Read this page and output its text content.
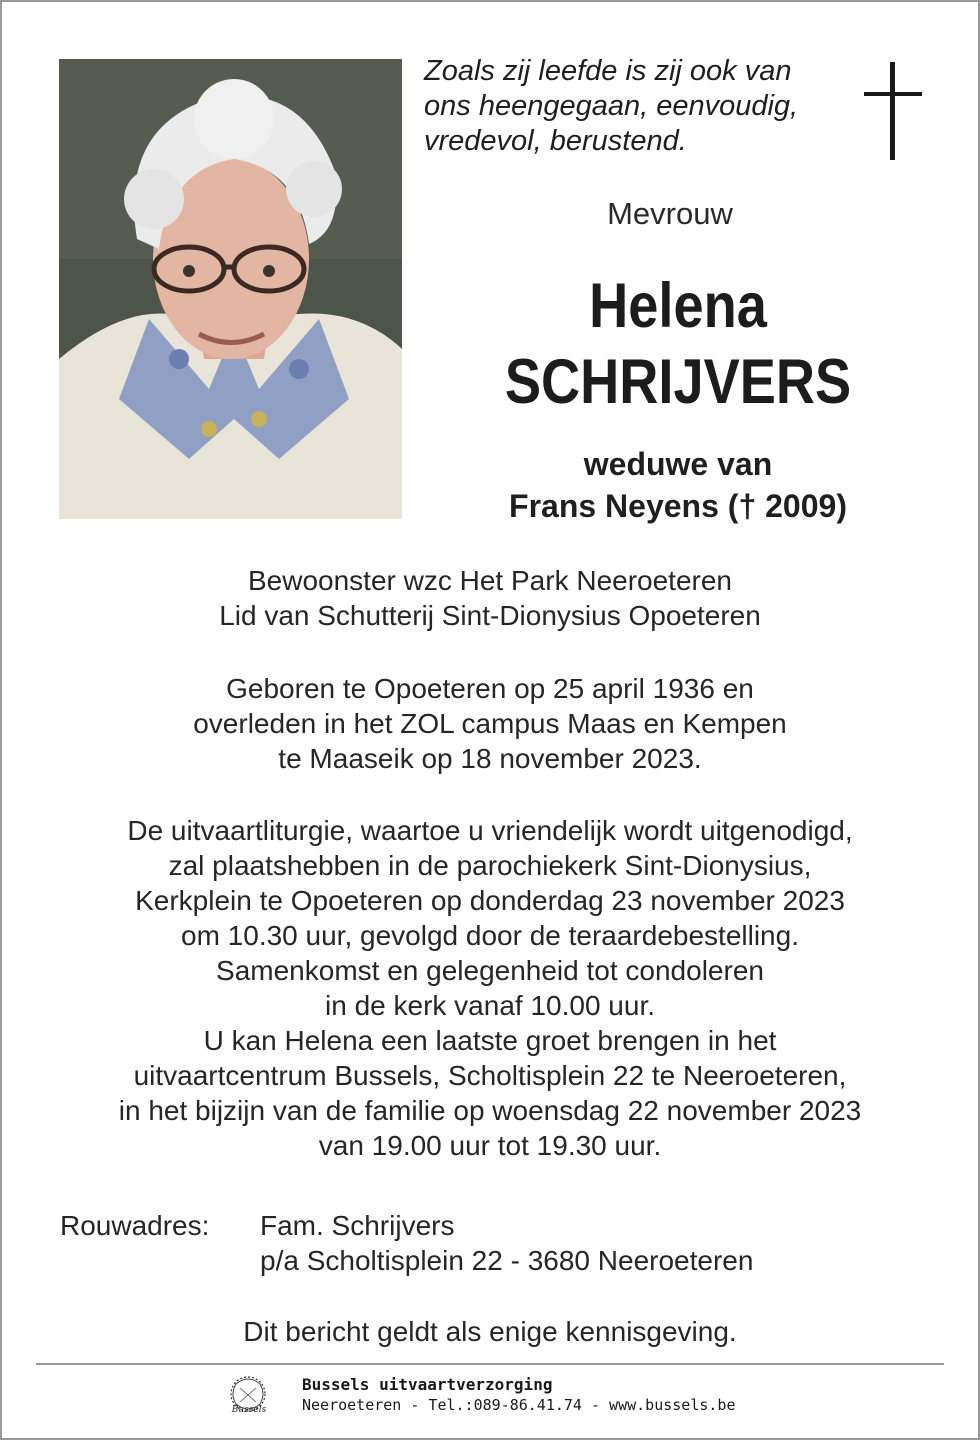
Zoals zij leefde is zij ook van
ons heengegaan, eenvoudig,
vredevol, berustend.
Mevrouw
Helena
SCHRIJVERS
weduwe van
Frans Neyens († 2009)
Bewoonster wzc Het Park Neeroeteren
Lid van Schutterij Sint-Dionysius Opoeteren
Geboren te Opoeteren op 25 april 1936 en
overleden in het ZOL campus Maas en Kempen
te Maaseik op 18 november 2023.
De uitvaartliturgie, waartoe u vriendelijk wordt uitgenodigd,
zal plaatshebben in de parochiekerk Sint-Dionysius,
Kerkplein te Opoeteren op donderdag 23 november 2023
om 10.30 uur, gevolgd door de teraardebestelling.
Samenkomst en gelegenheid tot condoleren
in de kerk vanaf 10.00 uur.
U kan Helena een laatste groet brengen in het
uitvaartcentrum Bussels, Scholtisplein 22 te Neeroeteren,
in het bijzijn van de familie op woensdag 22 november 2023
van 19.00 uur tot 19.30 uur.
Rouwadres: Fam. Schrijvers
p/a Scholtisplein 22 - 3680 Neeroeteren
Dit bericht geldt als enige kennisgeving.
Bussels
Bussels uitvaartverzorging
Neeroeteren - Tel.:089-86.41.74 - www.bussels.be
